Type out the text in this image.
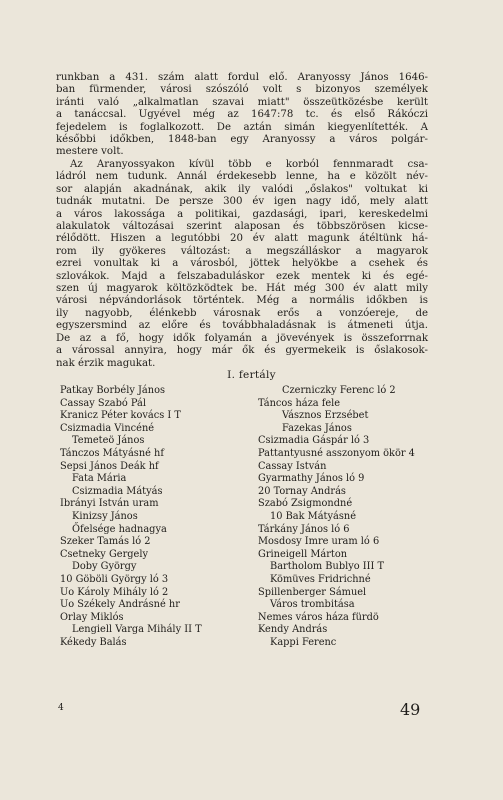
runkban a 431. szám alatt fordul elő. Aranyossy János 1646-
ban fürmender, városi szószóló volt s bizonyos személyek
iránti való „alkalmatlan szavai miatt" összeütközésbe került
a tanáccsal. Ugyével még az 1647:78 tc. és első Rákóczi
fejedelem is foglalkozott. De aztán simán kiegyenlítették. A
későbbi időkben, 1848-ban egy Aranyossy a város polgár-
mestere volt.
Az Aranyossyakon kívül több e korból fennmaradt csa-
ládról nem tudunk. Annál érdekesebb lenne, ha e közölt név-
sor alapján akadnának, akik ily valódi „őslakos" voltukat ki
tudnák mutatni. De persze 300 év igen nagy idő, mely alatt
a város lakossága a politikai, gazdasági, ipari, kereskedelmi
alakulatok változásai szerint alaposan és többszörösen kicse-
rélődött. Hiszen a legutóbbi 20 év alatt magunk átéltünk há-
rom ily gyökeres változást: a megszálláskor a magyarok
ezrei vonultak ki a városból, jöttek helyökbe a csehek és
szlovákok. Majd a felszabaduláskor ezek mentek ki és egé-
szen új magyarok költözködtek be. Hát még 300 év alatt mily
városi népvándorlások történtek. Még a normális időkben is
ily nagyobb, élénkebb városnak erős a vonzóereje, de
egyszersmind az előre és továbbhaladásnak is átmeneti útja.
De az a fő, hogy idők folyamán a jövevények is összeforrnak
a várossal annyira, hogy már ők és gyermekeik is őslakosok-
nak érzik magukat.
I. fertály
Patkay Borbély János
Cassay Szabó Pál
Kranicz Péter kovács I T
Csizmadia Vincéné
Temeteö János
Tánczos Mátyásné hf
Sepsi János Deák hf
Fata Mária
Csizmadia Mátyás
Ibrányi István uram
Kinizsy János
Őfelsége hadnagya
Szeker Tamás ló 2
Csetneky Gergely
Doby György
10 Göböli György ló 3
Uo Károly Mihály ló 2
Uo Székely Andrásné hr
Orlay Miklós
Lengiell Varga Mihály II T
Kékedy Balás
Czerniczky Ferenc ló 2
Táncos háza fele
Vásznos Erzsébet
Fazekas János
Csizmadia Gáspár ló 3
Pattantyusné asszonyom ökör 4
Cassay István
Gyarmathy János ló 9
20 Tornay András
Szabó Zsigmondné
10 Bak Mátyásné
Tárkány János ló 6
Mosdosy Imre uram ló 6
Grineigell Márton
Bartholom Bublyo III T
Kömüves Fridrichné
Spillenberger Sámuel
Város trombitása
Nemes város háza fürdö
Kendy András
Kappi Ferenc
4	49
